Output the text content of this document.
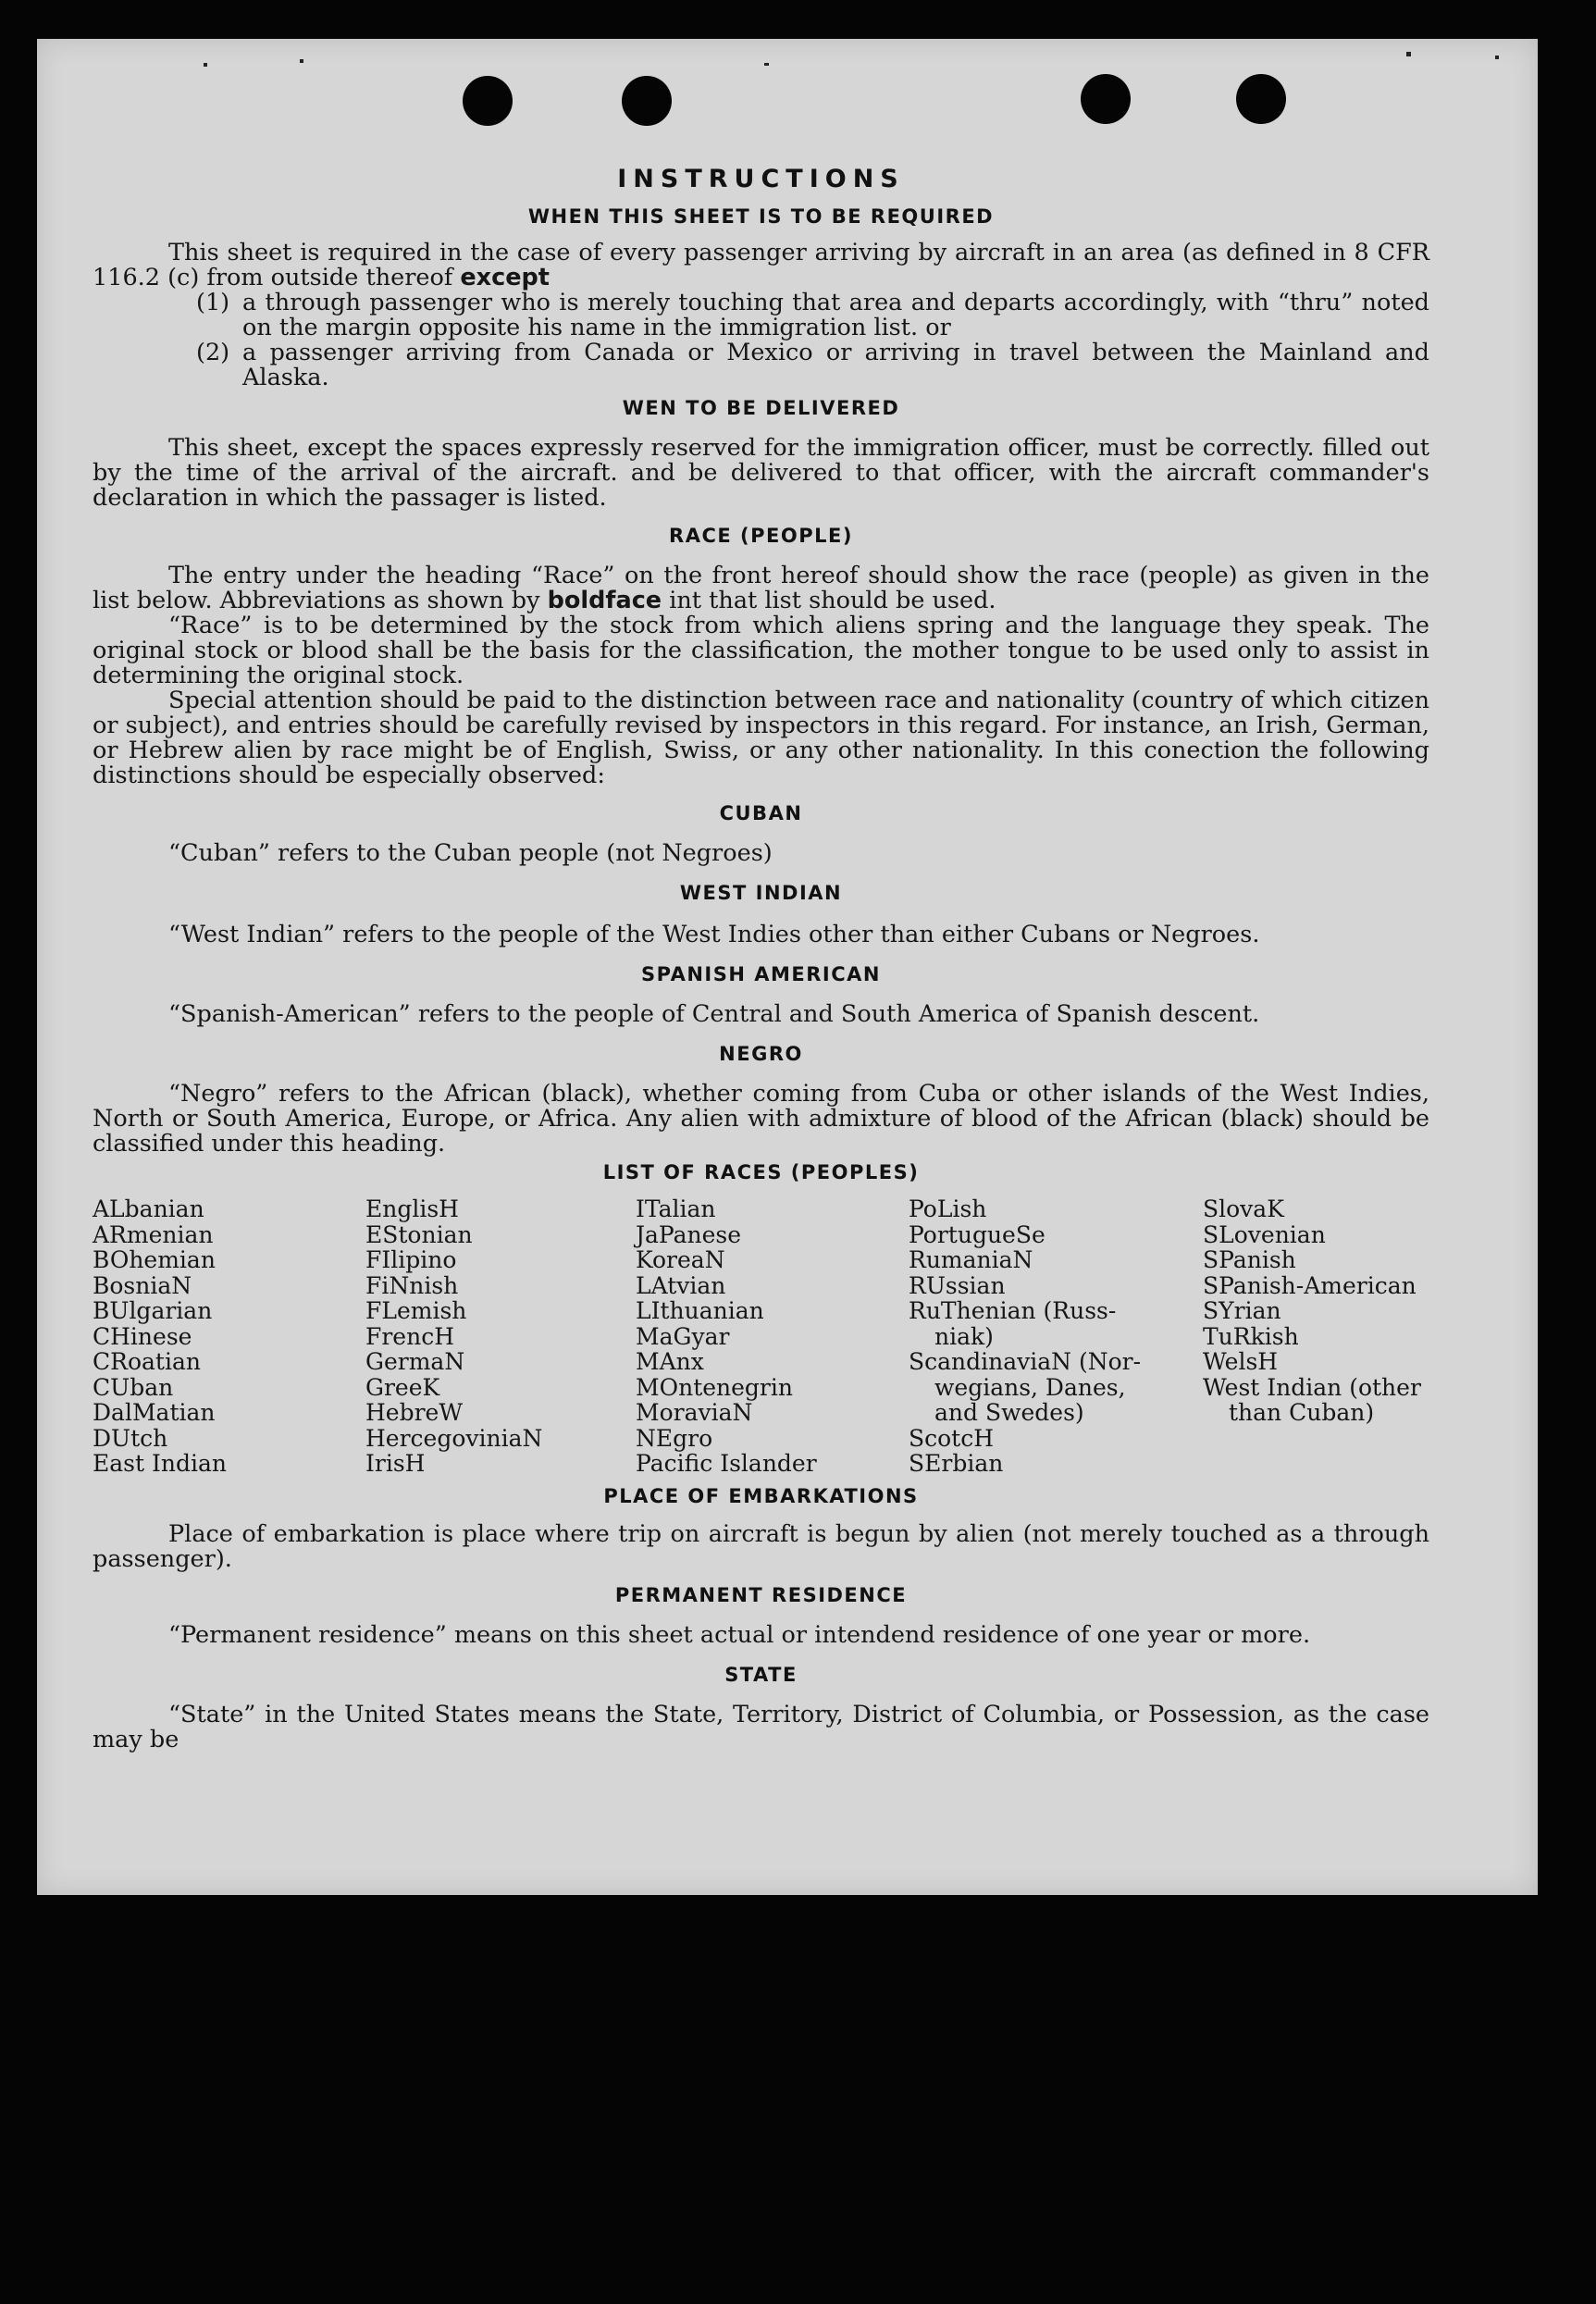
INSTRUCTIONS
WHEN THIS SHEET IS TO BE REQUIRED
This sheet is required in the case of every passenger arriving by aircraft in an area (as defined in 8 CFR 116.2 (c) from outside thereof except
(1) a through passenger who is merely touching that area and departs accordingly, with “thru” noted on the margin opposite his name in the immigration list. or
(2) a passenger arriving from Canada or Mexico or arriving in travel between the Mainland and Alaska.
WEN TO BE DELIVERED
This sheet, except the spaces expressly reserved for the immigration officer, must be correctly. filled out by the time of the arrival of the aircraft. and be delivered to that officer, with the aircraft commander's declaration in which the passager is listed.
RACE (PEOPLE)
The entry under the heading “Race” on the front hereof should show the race (people) as given in the list below. Abbreviations as shown by boldface int that list should be used.
“Race” is to be determined by the stock from which aliens spring and the language they speak. The original stock or blood shall be the basis for the classification, the mother tongue to be used only to assist in determining the original stock.
Special attention should be paid to the distinction between race and nationality (country of which citizen or subject), and entries should be carefully revised by inspectors in this regard. For instance, an Irish, German, or Hebrew alien by race might be of English, Swiss, or any other nationality. In this conection the following distinctions should be especially observed:
CUBAN
“Cuban” refers to the Cuban people (not Negroes)
WEST INDIAN
“West Indian” refers to the people of the West Indies other than either Cubans or Negroes.
SPANISH AMERICAN
“Spanish-American” refers to the people of Central and South America of Spanish descent.
NEGRO
“Negro” refers to the African (black), whether coming from Cuba or other islands of the West Indies, North or South America, Europe, or Africa. Any alien with admixture of blood of the African (black) should be classified under this heading.
LIST OF RACES (PEOPLES)
ALbanian
ARmenian
BOhemian
BosniaN
BUlgarian
CHinese
CRoatian
CUban
DalMatian
DUtch
East Indian
EnglisH
EStonian
FIlipino
FiNnish
FLemish
FrencH
GermaN
GreeK
HebreW
HercegoviniaN
IrisH
ITalian
JaPanese
KoreaN
LAtvian
LIthuanian
MaGyar
MAnx
MOntenegrin
MoraviaN
NEgro
Pacific Islander
PoLish
PortugueSe
RumaniaN
RUssian
RuThenian (Russ-
niak)
ScandinaviaN (Nor-
wegians, Danes,
and Swedes)
ScotcH
SErbian
SlovaK
SLovenian
SPanish
SPanish-American
SYrian
TuRkish
WelsH
West Indian (other
than Cuban)
PLACE OF EMBARKATIONS
Place of embarkation is place where trip on aircraft is begun by alien (not merely touched as a through passenger).
PERMANENT RESIDENCE
“Permanent residence” means on this sheet actual or intendend residence of one year or more.
STATE
“State” in the United States means the State, Territory, District of Columbia, or Possession, as the case may be
